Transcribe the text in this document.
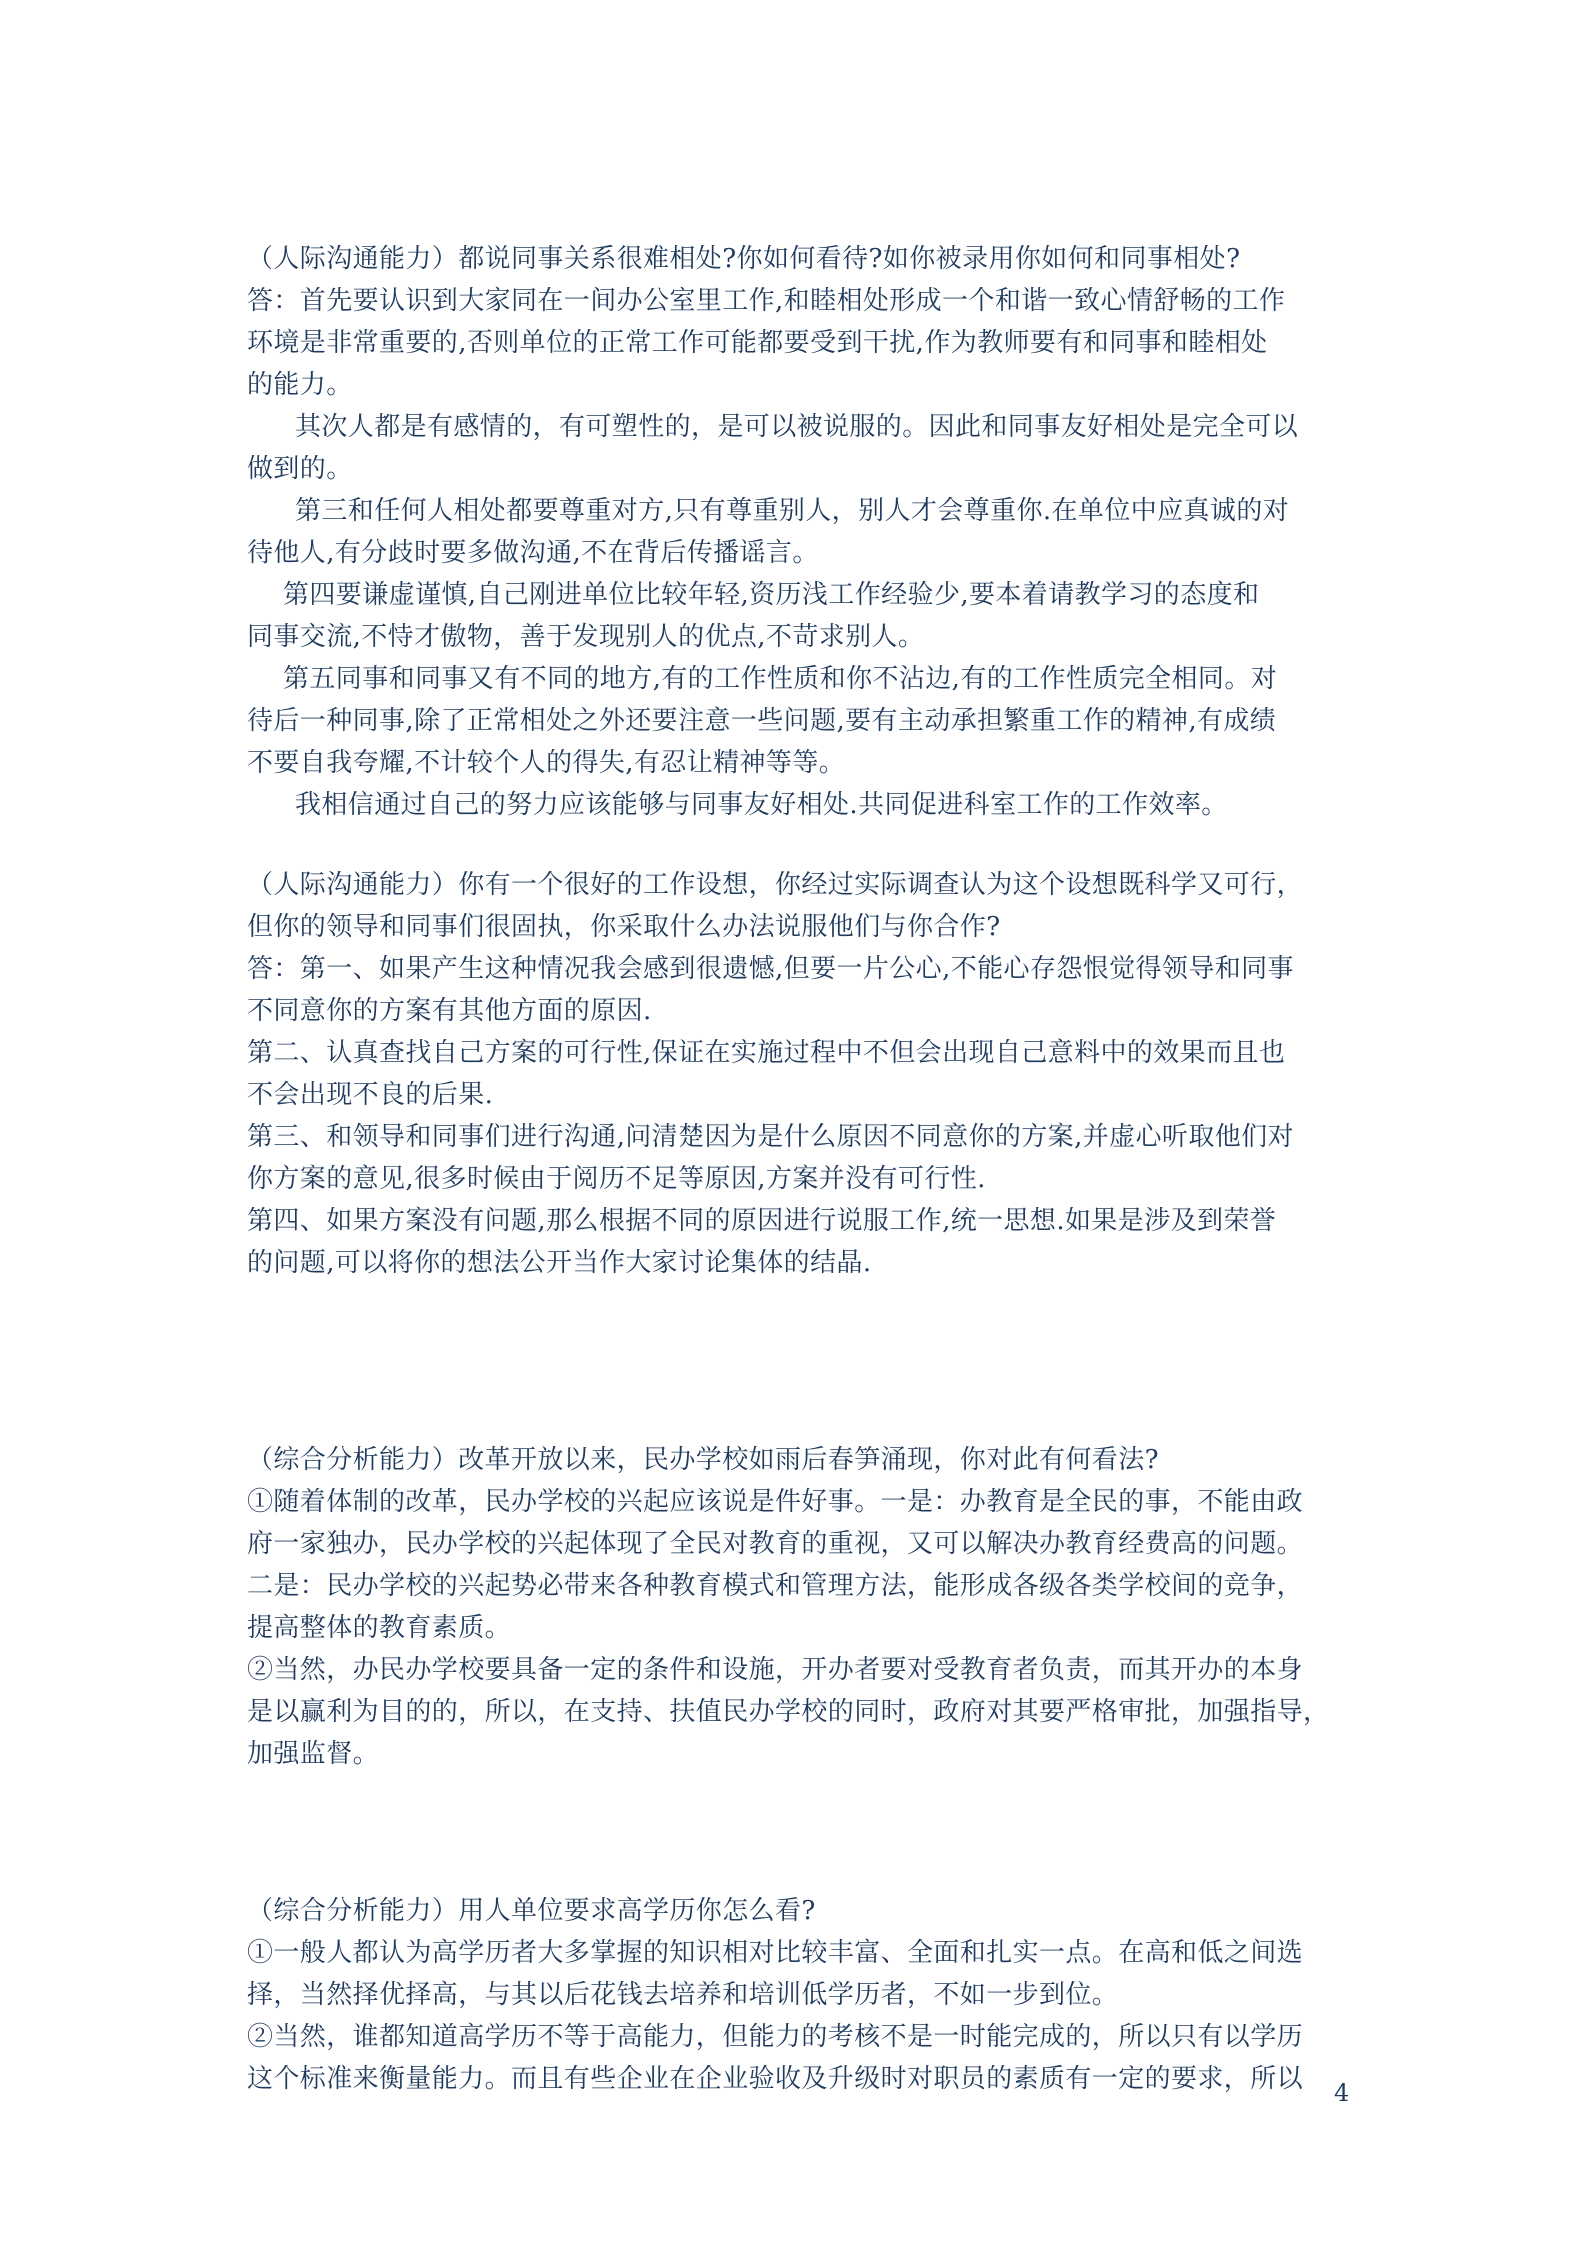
（人际沟通能力）都说同事关系很难相处?你如何看待?如你被录用你如何和同事相处?
答：首先要认识到大家同在一间办公室里工作,和睦相处形成一个和谐一致心情舒畅的工作
环境是非常重要的,否则单位的正常工作可能都要受到干扰,作为教师要有和同事和睦相处
的能力。
其次人都是有感情的，有可塑性的，是可以被说服的。因此和同事友好相处是完全可以
做到的。
第三和任何人相处都要尊重对方,只有尊重别人，别人才会尊重你.在单位中应真诚的对
待他人,有分歧时要多做沟通,不在背后传播谣言。
第四要谦虚谨慎,自己刚进单位比较年轻,资历浅工作经验少,要本着请教学习的态度和
同事交流,不恃才傲物，善于发现别人的优点,不苛求别人。
第五同事和同事又有不同的地方,有的工作性质和你不沾边,有的工作性质完全相同。对
待后一种同事,除了正常相处之外还要注意一些问题,要有主动承担繁重工作的精神,有成绩
不要自我夸耀,不计较个人的得失,有忍让精神等等。
我相信通过自己的努力应该能够与同事友好相处.共同促进科室工作的工作效率。
（人际沟通能力）你有一个很好的工作设想，你经过实际调查认为这个设想既科学又可行，
但你的领导和同事们很固执，你采取什么办法说服他们与你合作?
答：第一、如果产生这种情况我会感到很遗憾,但要一片公心,不能心存怨恨觉得领导和同事
不同意你的方案有其他方面的原因.
第二、认真查找自己方案的可行性,保证在实施过程中不但会出现自己意料中的效果而且也
不会出现不良的后果.
第三、和领导和同事们进行沟通,问清楚因为是什么原因不同意你的方案,并虚心听取他们对
你方案的意见,很多时候由于阅历不足等原因,方案并没有可行性.
第四、如果方案没有问题,那么根据不同的原因进行说服工作,统一思想.如果是涉及到荣誉
的问题,可以将你的想法公开当作大家讨论集体的结晶.
（综合分析能力）改革开放以来，民办学校如雨后春笋涌现，你对此有何看法?
①随着体制的改革，民办学校的兴起应该说是件好事。一是：办教育是全民的事，不能由政
府一家独办，民办学校的兴起体现了全民对教育的重视，又可以解决办教育经费高的问题。
二是：民办学校的兴起势必带来各种教育模式和管理方法，能形成各级各类学校间的竞争，
提高整体的教育素质。
②当然，办民办学校要具备一定的条件和设施，开办者要对受教育者负责，而其开办的本身
是以赢利为目的的，所以，在支持、扶值民办学校的同时，政府对其要严格审批，加强指导，
加强监督。
（综合分析能力）用人单位要求高学历你怎么看?
①一般人都认为高学历者大多掌握的知识相对比较丰富、全面和扎实一点。在高和低之间选
择，当然择优择高，与其以后花钱去培养和培训低学历者，不如一步到位。
②当然，谁都知道高学历不等于高能力，但能力的考核不是一时能完成的，所以只有以学历
这个标准来衡量能力。而且有些企业在企业验收及升级时对职员的素质有一定的要求，所以	4
